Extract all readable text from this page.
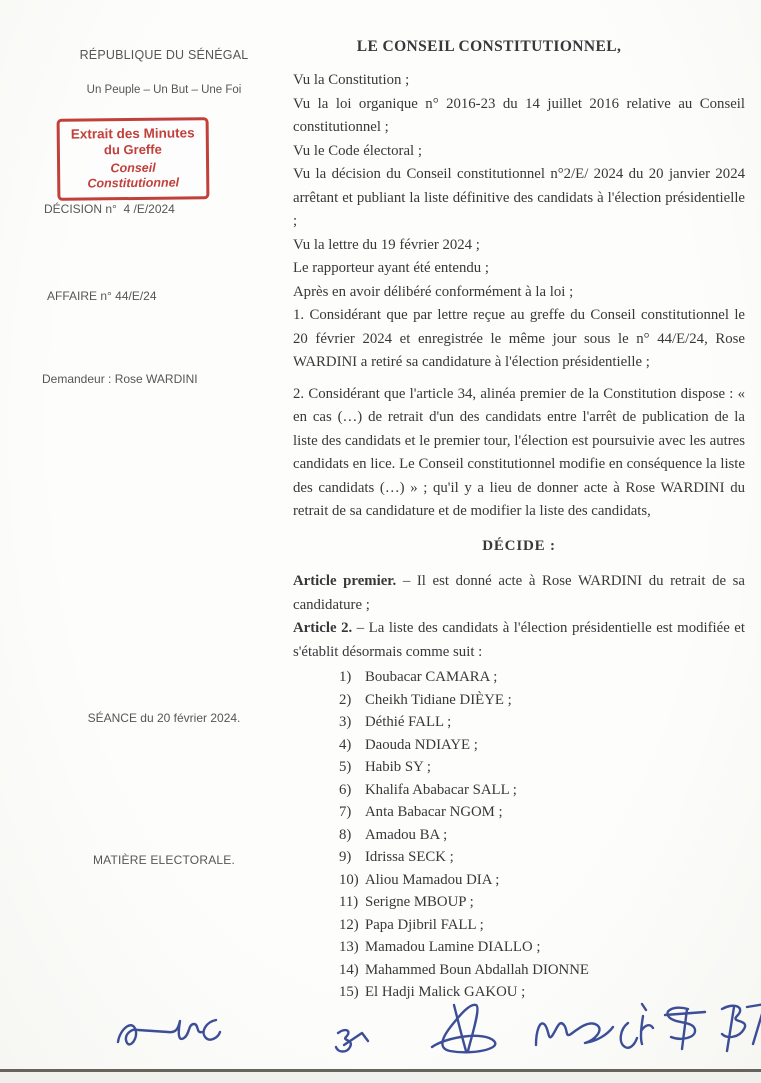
RÉPUBLIQUE DU SÉNÉGAL
Un Peuple – Un But – Une Foi
Extrait des Minutes
du Greffe
Conseil Constitutionnel
DÉCISION n°  4 /E/2024
AFFAIRE n° 44/E/24
Demandeur : Rose WARDINI
SÉANCE du 20 février 2024.
MATIÈRE ELECTORALE.
LE CONSEIL CONSTITUTIONNEL,

Vu la Constitution ;

Vu la loi organique n° 2016-23 du 14 juillet 2016 relative au Conseil constitutionnel ;

Vu le Code électoral ;

Vu la décision du Conseil constitutionnel n°2/E/ 2024 du 20 janvier 2024 arrêtant et publiant la liste définitive des candidats à l'élection présidentielle ;

Vu la lettre du 19 février 2024 ;

Le rapporteur ayant été entendu ;

Après en avoir délibéré conformément à la loi ;

1. Considérant que par lettre reçue au greffe du Conseil constitutionnel le 20 février 2024 et enregistrée le même jour sous le n° 44/E/24, Rose WARDINI a retiré sa candidature à l'élection présidentielle ;

2. Considérant que l'article 34, alinéa premier de la Constitution dispose : « en cas (…) de retrait d'un des candidats entre l'arrêt de publication de la liste des candidats et le premier tour, l'élection est poursuivie avec les autres candidats en lice. Le Conseil constitutionnel modifie en conséquence la liste des candidats (…) » ; qu'il y a lieu de donner acte à Rose WARDINI du retrait de sa candidature et de modifier la liste des candidats,

DÉCIDE :

Article premier. – Il est donné acte à Rose WARDINI du retrait de sa candidature ;

Article 2. – La liste des candidats à l'élection présidentielle est modifiée et s'établit désormais comme suit :

1) Boubacar CAMARA ;
2) Cheikh Tidiane DIÈYE ;
3) Déthié FALL ;
4) Daouda NDIAYE ;
5) Habib SY ;
6) Khalifa Ababacar SALL ;
7) Anta Babacar NGOM ;
8) Amadou BA ;
9) Idrissa SECK ;
10) Aliou Mamadou DIA ;
11) Serigne MBOUP ;
12) Papa Djibril FALL ;
13) Mamadou Lamine DIALLO ;
14) Mahammed Boun Abdallah DIONNE
15) El Hadji Malick GAKOU ;
